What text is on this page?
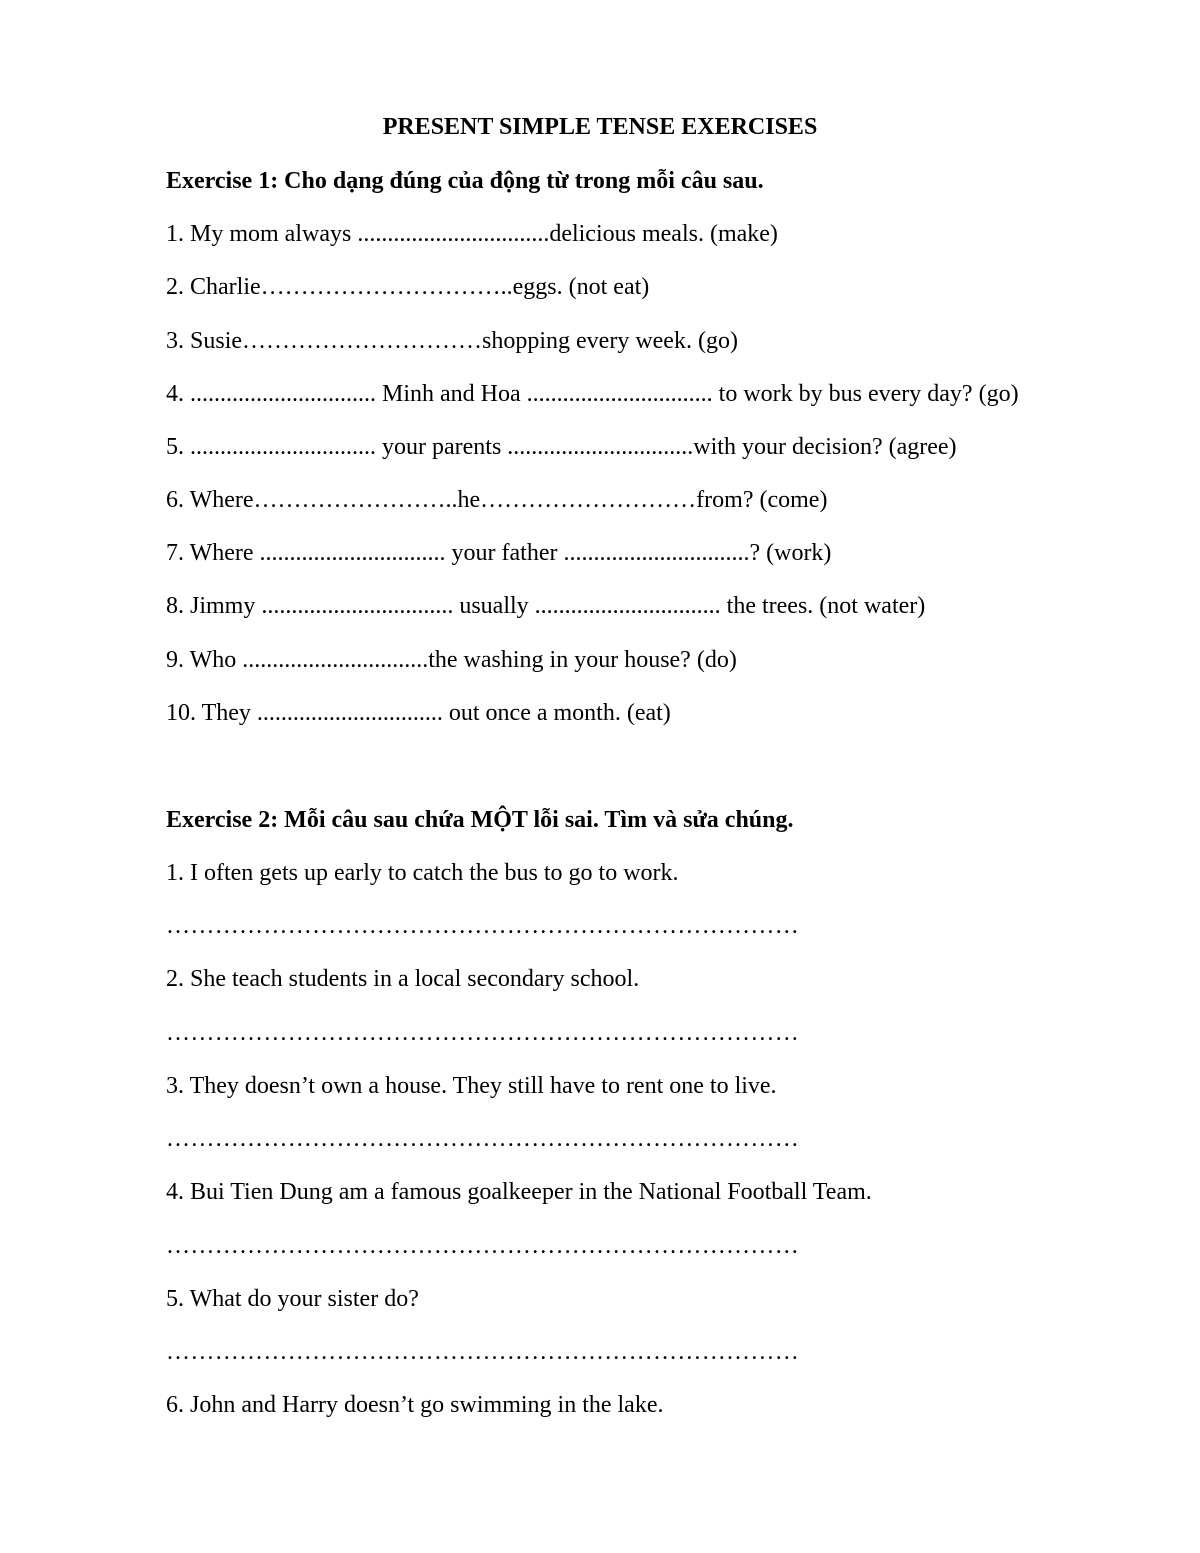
PRESENT SIMPLE TENSE EXERCISES
Exercise 1: Cho dạng đúng của động từ trong mỗi câu sau.
1. My mom always ................................delicious meals. (make)
2. Charlie…………………………..eggs. (not eat)
3. Susie…………………………shopping every week. (go)
4. ............................... Minh and Hoa ............................... to work by bus every day? (go)
5. ............................... your parents ...............................with your decision? (agree)
6. Where……………………..he………………………from? (come)
7. Where ............................... your father ...............................? (work)
8. Jimmy ................................ usually ............................... the trees. (not water)
9. Who ...............................the washing in your house? (do)
10. They ............................... out once a month. (eat)
Exercise 2: Mỗi câu sau chứa MỘT lỗi sai. Tìm và sửa chúng.
1. I often gets up early to catch the bus to go to work.
……………………………………………………………………
2. She teach students in a local secondary school.
……………………………………………………………………
3. They doesn’t own a house. They still have to rent one to live.
……………………………………………………………………
4. Bui Tien Dung am a famous goalkeeper in the National Football Team.
……………………………………………………………………
5. What do your sister do?
……………………………………………………………………
6. John and Harry doesn’t go swimming in the lake.
